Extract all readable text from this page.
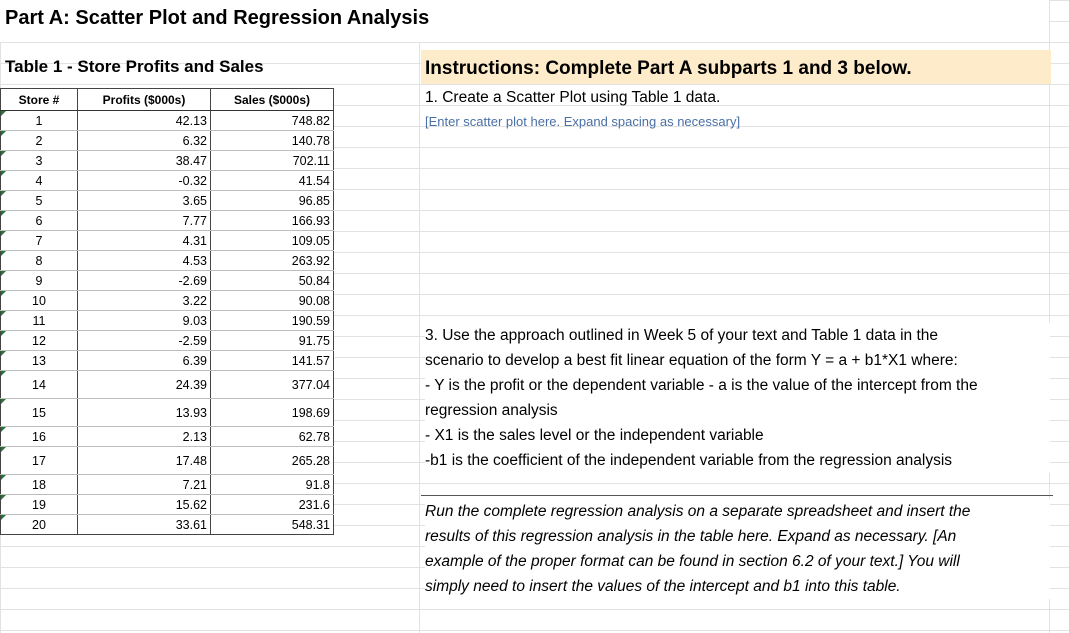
Part A: Scatter Plot and Regression Analysis
Table 1 - Store Profits and Sales
Store #	Profits ($000s)	Sales ($000s)

1	42.13	748.82

2	6.32	140.78

3	38.47	702.11

4	-0.32	41.54

5	3.65	96.85

6	7.77	166.93

7	4.31	109.05

8	4.53	263.92

9	-2.69	50.84

10	3.22	90.08

11	9.03	190.59

12	-2.59	91.75

13	6.39	141.57

14	24.39	377.04

15	13.93	198.69

16	2.13	62.78

17	17.48	265.28

18	7.21	91.8

19	15.62	231.6

20	33.61	548.31
Instructions: Complete Part A subparts 1 and 3 below.
1. Create a Scatter Plot using Table 1 data.
[Enter scatter plot here. Expand spacing as necessary]
3. Use the approach outlined in Week 5 of your text and Table 1 data in the
scenario to develop a best fit linear equation of the form Y = a + b1*X1 where:
- Y is the profit or the dependent variable - a is the value of the intercept from the
regression analysis
- X1 is the sales level or the independent variable
-b1 is the coefficient of the independent variable from the regression analysis
Run the complete regression analysis on a separate spreadsheet and insert the
results of this regression analysis in the table here. Expand as necessary. [An
example of the proper format can be found in section 6.2 of your text.] You will
simply need to insert the values of the intercept and b1 into this table.
